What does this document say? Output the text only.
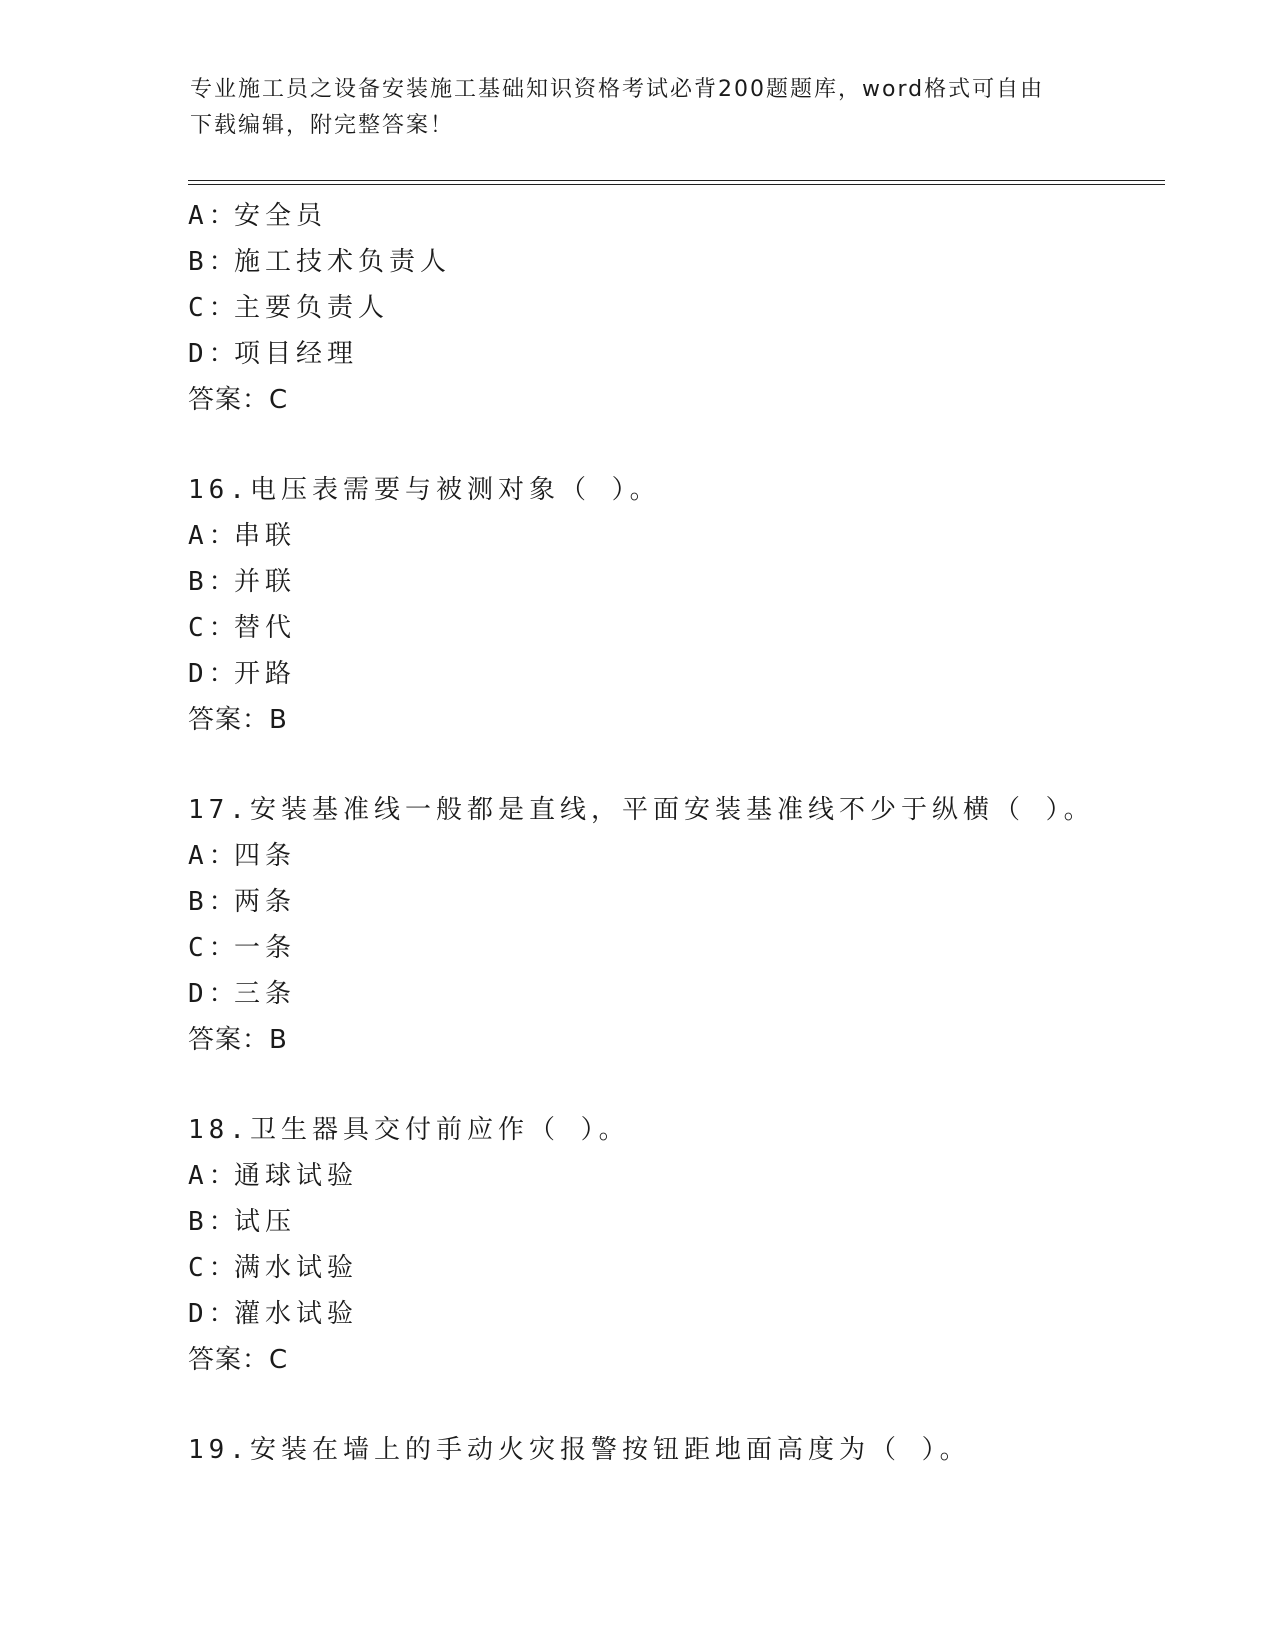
专业施工员之设备安装施工基础知识资格考试必背200题题库，word格式可自由
下载编辑，附完整答案！
A：安全员
B：施工技术负责人
C：主要负责人
D：项目经理
答案：C
16.电压表需要与被测对象（ ）。
A：串联
B：并联
C：替代
D：开路
答案：B
17.安装基准线一般都是直线，平面安装基准线不少于纵横（ ）。
A：四条
B：两条
C：一条
D：三条
答案：B
18.卫生器具交付前应作（ ）。
A：通球试验
B：试压
C：满水试验
D：灌水试验
答案：C
19.安装在墙上的手动火灾报警按钮距地面高度为（ ）。
